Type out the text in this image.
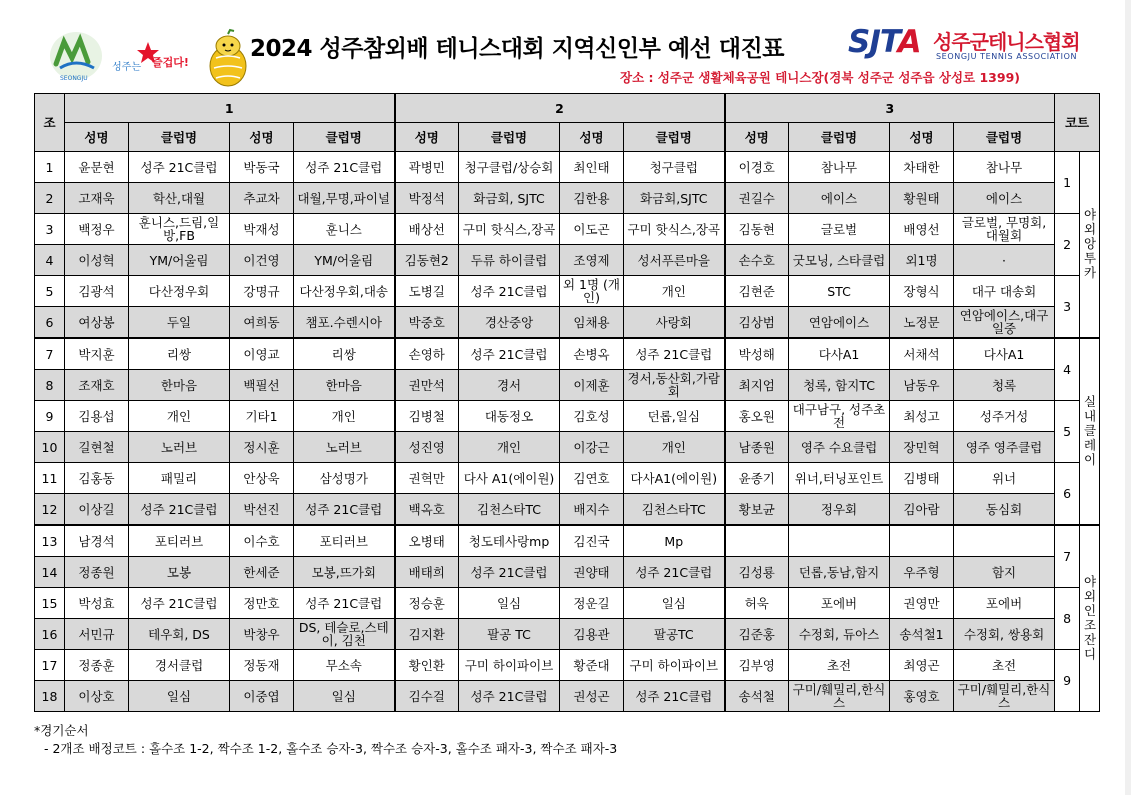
SEONGJU
성주는 즐겁다!
2024 성주참외배 테니스대회 지역신인부 예선 대진표 SJTA 성주군테니스협회
SEONGJU TENNIS ASSOCIATION
장소 : 성주군 생활체육공원 테니스장(경북 성주군 성주읍 상성로 1399)
조	1				2				3				코트	
	성명	클럽명	성명	클럽명	성명	클럽명	성명	클럽명	성명	클럽명	성명	클럽명		
1	윤문현	성주 21C클럽	박동국	성주 21C클럽	곽병민	청구클럽/상승회	최인태	청구클럽	이경호	참나무	차태한	참나무	1	야외앙투카
2	고재욱	학산,대월	추교차	대월,무명,파이널	박정석	화금회, SJTC	김한용	화금회,SJTC	권길수	에이스	황원태	에이스		
3	백정우	훈니스,드림,일방,FB	박재성	훈니스	배상선	구미 핫식스,장곡	이도곤	구미 핫식스,장곡	김동현	글로벌	배영선	글로벌, 무명회, 대월회	2	
4	이성혁	YM/어울림	이건영	YM/어울림	김동현2	두류 하이클럽	조영제	성서푸른마을	손수호	굿모닝, 스타클럽	외1명	·		
5	김광석	다산정우회	강명규	다산정우회,대송	도병길	성주 21C클럽	외 1명 (개인)	개인	김현준	STC	장형식	대구 대송회	3	
6	여상봉	두일	여희동	챔포.수렌시아	박중호	경산중앙	임채용	사랑회	김상범	연암에이스	노정문	연암에이스,대구일중		
7	박지훈	리쌍	이영교	리쌍	손영하	성주 21C클럽	손병옥	성주 21C클럽	박성해	다사A1	서채석	다사A1	4	실내클레이
8	조재호	한마음	백필선	한마음	권만석	경서	이제훈	경서,동산회,가람회	최지엄	청록, 함지TC	남동우	청록		
9	김용섭	개인	기타1	개인	김병철	대동정오	김호성	던롭,일심	홍오원	대구남구, 성주초전	최성고	성주거성	5	
10	길현철	노러브	정시훈	노러브	성진영	개인	이강근	개인	남종원	영주 수요클럽	장민혁	영주 영주클럽		
11	김홍동	패밀리	안상욱	삼성명가	권혁만	다사 A1(에이원)	김연호	다사A1(에이원)	윤종기	위너,터닝포인트	김병태	위너	6	
12	이상길	성주 21C클럽	박선진	성주 21C클럽	백옥호	김천스타TC	배지수	김천스타TC	황보균	정우회	김아람	동심회		
13	남경석	포티러브	이수호	포티러브	오병태	청도테사랑mp	김진국	Mp					7	야외인조잔디
14	정종원	모봉	한세준	모봉,뜨가회	배태희	성주 21C클럽	권양태	성주 21C클럽	김성룡	던롭,동남,함지	우주형	함지		
15	박성효	성주 21C클럽	정만호	성주 21C클럽	정승훈	일심	정운길	일심	허욱	포에버	권영만	포에버	8	
16	서민규	테우회, DS	박창우	DS, 테슬로,스테이, 김천	김지환	팔공 TC	김용관	팔공TC	김준홍	수정회, 듀아스	송석철1	수정회, 쌍용회		
17	정종훈	경서클럽	정동재	무소속	황인환	구미 하이파이브	황준대	구미 하이파이브	김부영	초전	최영곤	초전	9	
18	이상호	일심	이중엽	일심	김수걸	성주 21C클럽	권성곤	성주 21C클럽	송석철	구미/훼밀리,한식스	홍영호	구미/훼밀리,한식스		
*경기순서
- 2개조 배정코트 : 홀수조 1-2, 짝수조 1-2, 홀수조 승자-3, 짝수조 승자-3, 홀수조 패자-3, 짝수조 패자-3
